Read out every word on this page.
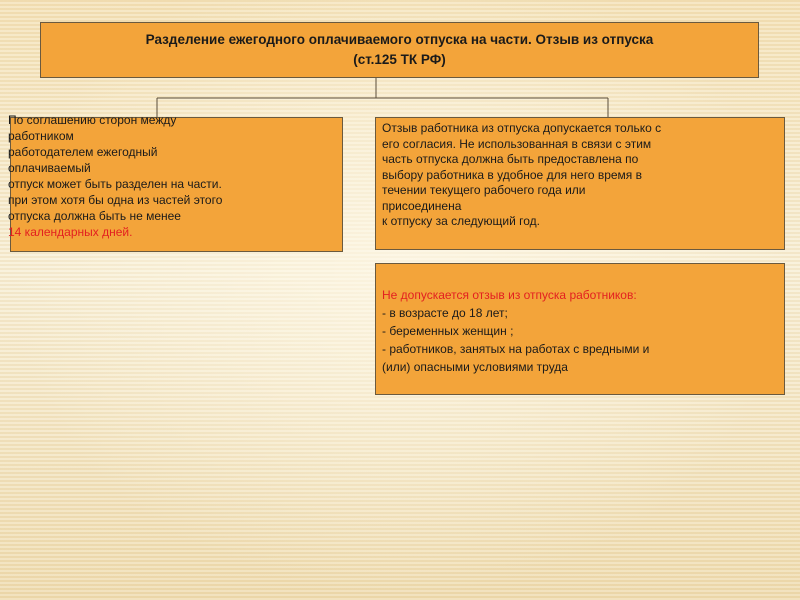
Разделение ежегодного оплачиваемого отпуска на части. Отзыв из отпуска
(ст.125 ТК РФ)
По соглашению сторон между
работником
работодателем ежегодный
оплачиваемый
отпуск может быть разделен на части.
при этом хотя бы одна из частей этого
отпуска должна быть не менее
14 календарных дней.
Отзыв работника из отпуска допускается только с
его согласия. Не использованная в связи с этим
часть отпуска должна быть предоставлена по
выбору работника в удобное для него время в
течении текущего рабочего года или
присоединена
к отпуску за следующий год.
Не допускается отзыв из отпуска работников:
- в возрасте до 18 лет;
- беременных женщин ;
- работников, занятых на работах с вредными и
(или) опасными условиями труда
